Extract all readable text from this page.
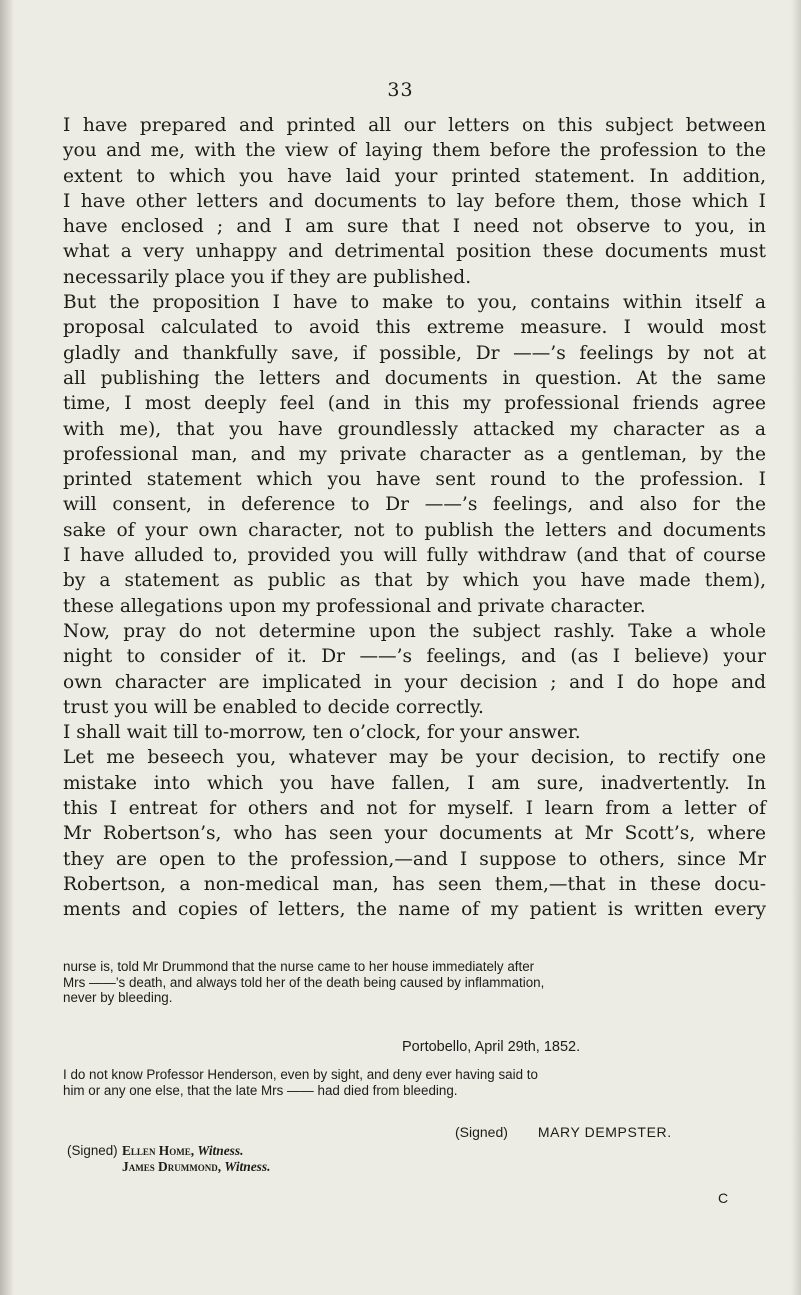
33
I have prepared and printed all our letters on this subject between
you and me, with the view of laying them before the profession to the
extent to which you have laid your printed statement. In addition,
I have other letters and documents to lay before them, those which I
have enclosed ; and I am sure that I need not observe to you, in
what a very unhappy and detrimental position these documents must
necessarily place you if they are published.
But the proposition I have to make to you, contains within itself a
proposal calculated to avoid this extreme measure. I would most
gladly and thankfully save, if possible, Dr ——’s feelings by not at
all publishing the letters and documents in question. At the same
time, I most deeply feel (and in this my professional friends agree
with me), that you have groundlessly attacked my character as a
professional man, and my private character as a gentleman, by the
printed statement which you have sent round to the profession. I
will consent, in deference to Dr ——’s feelings, and also for the
sake of your own character, not to publish the letters and documents
I have alluded to, provided you will fully withdraw (and that of course
by a statement as public as that by which you have made them),
these allegations upon my professional and private character.
Now, pray do not determine upon the subject rashly. Take a whole
night to consider of it. Dr ——’s feelings, and (as I believe) your
own character are implicated in your decision ; and I do hope and
trust you will be enabled to decide correctly.
I shall wait till to-morrow, ten o’clock, for your answer.
Let me beseech you, whatever may be your decision, to rectify one
mistake into which you have fallen, I am sure, inadvertently. In
this I entreat for others and not for myself. I learn from a letter of
Mr Robertson’s, who has seen your documents at Mr Scott’s, where
they are open to the profession,—and I suppose to others, since Mr
Robertson, a non-medical man, has seen them,—that in these docu-
ments and copies of letters, the name of my patient is written every
nurse is, told Mr Drummond that the nurse came to her house immediately after
Mrs ——’s death, and always told her of the death being caused by inflammation,
never by bleeding.
Portobello, April 29th, 1852.
I do not know Professor Henderson, even by sight, and deny ever having said to
him or any one else, that the late Mrs —— had died from bleeding.
(Signed) MARY DEMPSTER.
(Signed) Ellen Home, Witness.
James Drummond, Witness.
C
